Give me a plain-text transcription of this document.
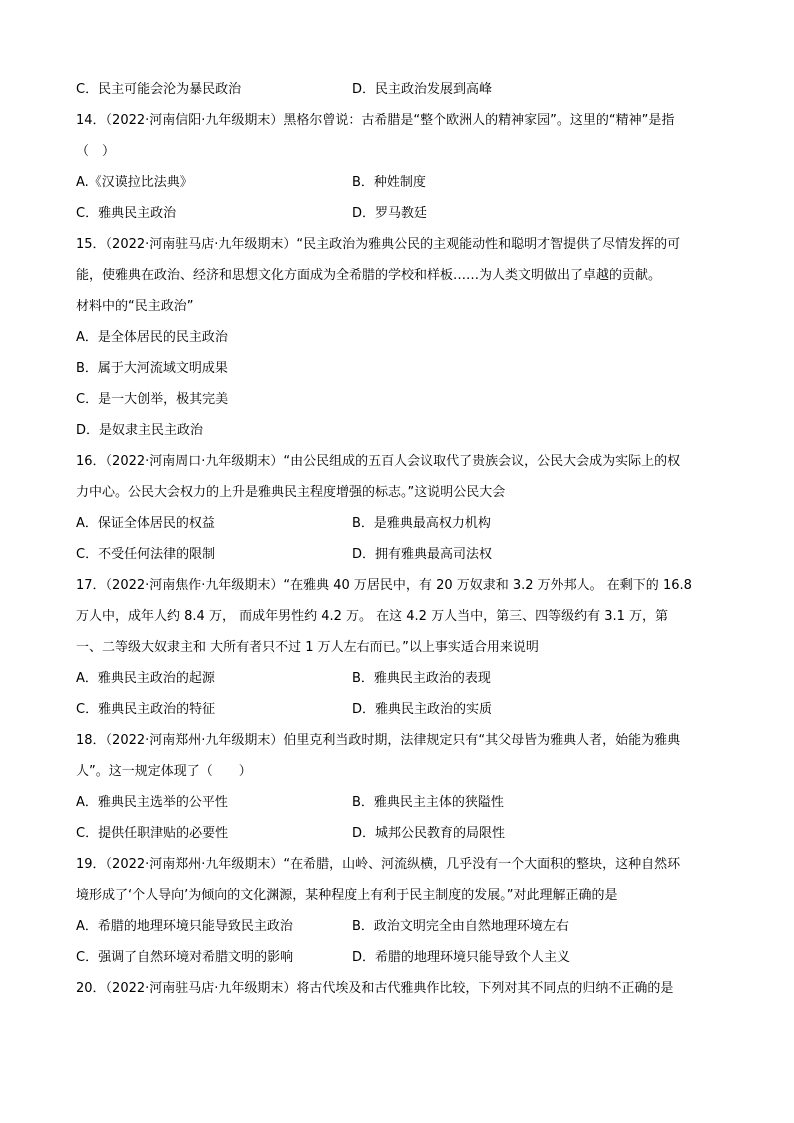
C．民主可能会沦为暴民政治	D．民主政治发展到高峰
14．（2022·河南信阳·九年级期末）黑格尔曾说：古希腊是“整个欧洲人的精神家园”。这里的“精神”是指
（　）
A.《汉谟拉比法典》	B．种姓制度
C．雅典民主政治	D．罗马教廷
15．（2022·河南驻马店·九年级期末）“民主政治为雅典公民的主观能动性和聪明才智提供了尽情发挥的可
能，使雅典在政治、经济和思想文化方面成为全希腊的学校和样板……为人类文明做出了卓越的贡献。
材料中的“民主政治”
A．是全体居民的民主政治
B．属于大河流域文明成果
C．是一大创举，极其完美
D．是奴隶主民主政治
16．（2022·河南周口·九年级期末）“由公民组成的五百人会议取代了贵族会议，公民大会成为实际上的权
力中心。公民大会权力的上升是雅典民主程度增强的标志。”这说明公民大会
A．保证全体居民的权益	B．是雅典最高权力机构
C．不受任何法律的限制	D．拥有雅典最高司法权
17．（2022·河南焦作·九年级期末）“在雅典 40 万居民中，有 20 万奴隶和 3.2 万外邦人。 在剩下的 16.8
万人中，成年人约 8.4 万， 而成年男性约 4.2 万。 在这 4.2 万人当中，第三、四等级约有 3.1 万，第
一、二等级大奴隶主和 大所有者只不过 1 万人左右而已。”以上事实适合用来说明
A．雅典民主政治的起源	B．雅典民主政治的表现
C．雅典民主政治的特征	D．雅典民主政治的实质
18．（2022·河南郑州·九年级期末）伯里克利当政时期，法律规定只有“其父母皆为雅典人者，始能为雅典
人”。这一规定体现了（　　）
A．雅典民主选举的公平性	B．雅典民主主体的狭隘性
C．提供任职津贴的必要性	D．城邦公民教育的局限性
19．（2022·河南郑州·九年级期末）“在希腊，山岭、河流纵横，几乎没有一个大面积的整块，这种自然环
境形成了‘个人导向’为倾向的文化渊源，某种程度上有利于民主制度的发展。”对此理解正确的是
A．希腊的地理环境只能导致民主政治	B．政治文明完全由自然地理环境左右
C．强调了自然环境对希腊文明的影响	D．希腊的地理环境只能导致个人主义
20．（2022·河南驻马店·九年级期末）将古代埃及和古代雅典作比较，下列对其不同点的归纳不正确的是
